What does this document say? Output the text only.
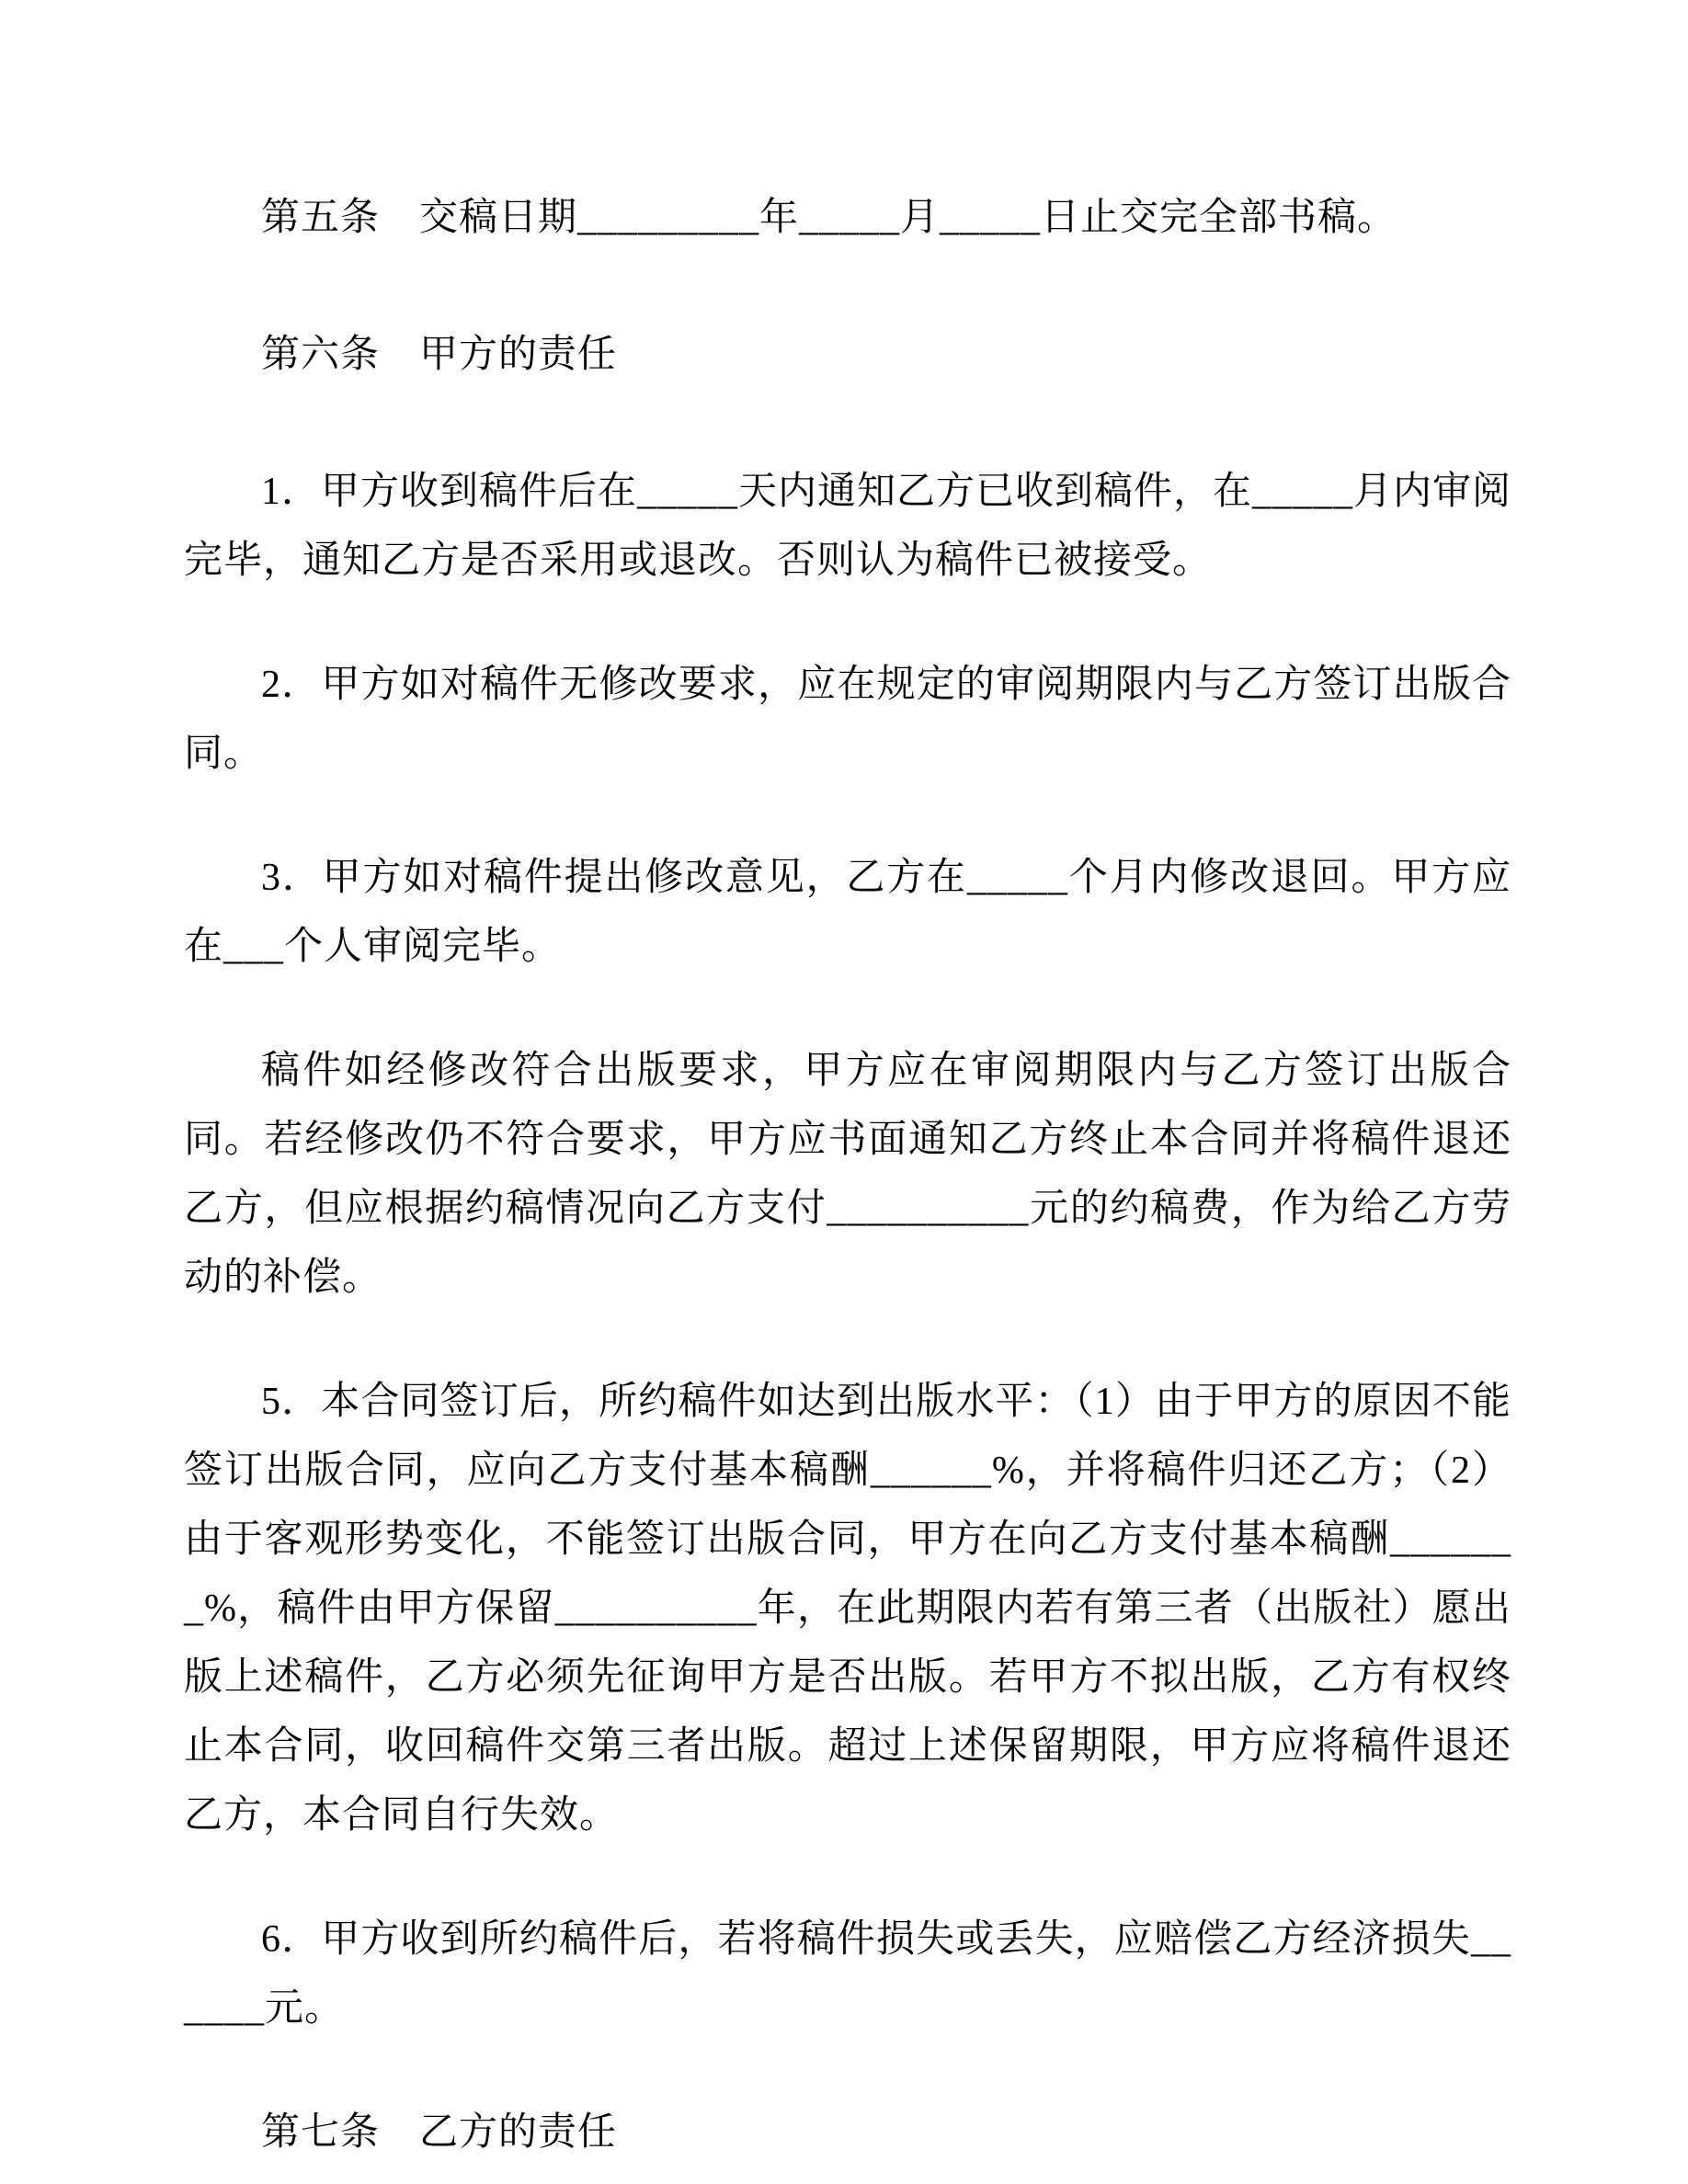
第五条　交稿日期_________年_____月_____日止交完全部书稿。

第六条　甲方的责任

1．甲方收到稿件后在_____天内通知乙方已收到稿件，在_____月内审阅完毕，通知乙方是否采用或退改。否则认为稿件已被接受。

2．甲方如对稿件无修改要求，应在规定的审阅期限内与乙方签订出版合同。

3．甲方如对稿件提出修改意见，乙方在_____个月内修改退回。甲方应在___个人审阅完毕。

稿件如经修改符合出版要求，甲方应在审阅期限内与乙方签订出版合同。若经修改仍不符合要求，甲方应书面通知乙方终止本合同并将稿件退还乙方，但应根据约稿情况向乙方支付__________元的约稿费，作为给乙方劳动的补偿。

5．本合同签订后，所约稿件如达到出版水平：（1）由于甲方的原因不能签订出版合同，应向乙方支付基本稿酬______%，并将稿件归还乙方；（2）由于客观形势变化，不能签订出版合同，甲方在向乙方支付基本稿酬_______%，稿件由甲方保留__________年，在此期限内若有第三者（出版社）愿出版上述稿件，乙方必须先征询甲方是否出版。若甲方不拟出版，乙方有权终止本合同，收回稿件交第三者出版。超过上述保留期限，甲方应将稿件退还乙方，本合同自行失效。

6．甲方收到所约稿件后，若将稿件损失或丢失，应赔偿乙方经济损失______元。

第七条　乙方的责任
